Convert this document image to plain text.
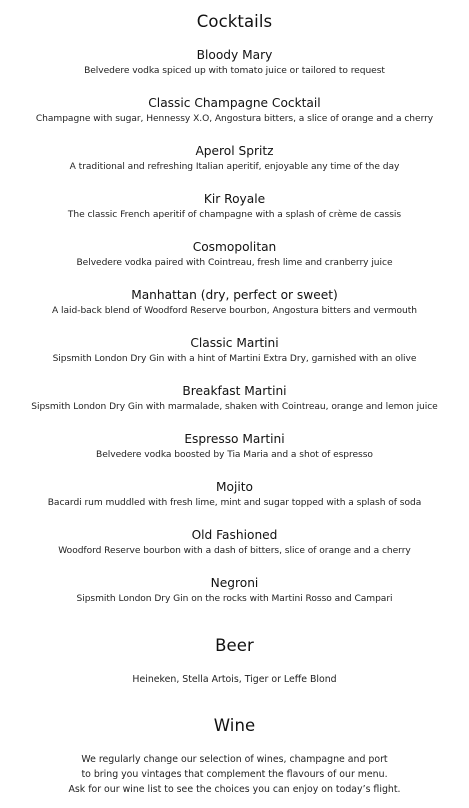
Cocktails
Bloody Mary
Belvedere vodka spiced up with tomato juice or tailored to request
Classic Champagne Cocktail
Champagne with sugar, Hennessy X.O, Angostura bitters, a slice of orange and a cherry
Aperol Spritz
A traditional and refreshing Italian aperitif, enjoyable any time of the day
Kir Royale
The classic French aperitif of champagne with a splash of crème de cassis
Cosmopolitan
Belvedere vodka paired with Cointreau, fresh lime and cranberry juice
Manhattan (dry, perfect or sweet)
A laid-back blend of Woodford Reserve bourbon, Angostura bitters and vermouth
Classic Martini
Sipsmith London Dry Gin with a hint of Martini Extra Dry, garnished with an olive
Breakfast Martini
Sipsmith London Dry Gin with marmalade, shaken with Cointreau, orange and lemon juice
Espresso Martini
Belvedere vodka boosted by Tia Maria and a shot of espresso
Mojito
Bacardi rum muddled with fresh lime, mint and sugar topped with a splash of soda
Old Fashioned
Woodford Reserve bourbon with a dash of bitters, slice of orange and a cherry
Negroni
Sipsmith London Dry Gin on the rocks with Martini Rosso and Campari
Beer
Heineken, Stella Artois, Tiger or Leffe Blond
Wine
We regularly change our selection of wines, champagne and port
to bring you vintages that complement the flavours of our menu.
Ask for our wine list to see the choices you can enjoy on today’s flight.
